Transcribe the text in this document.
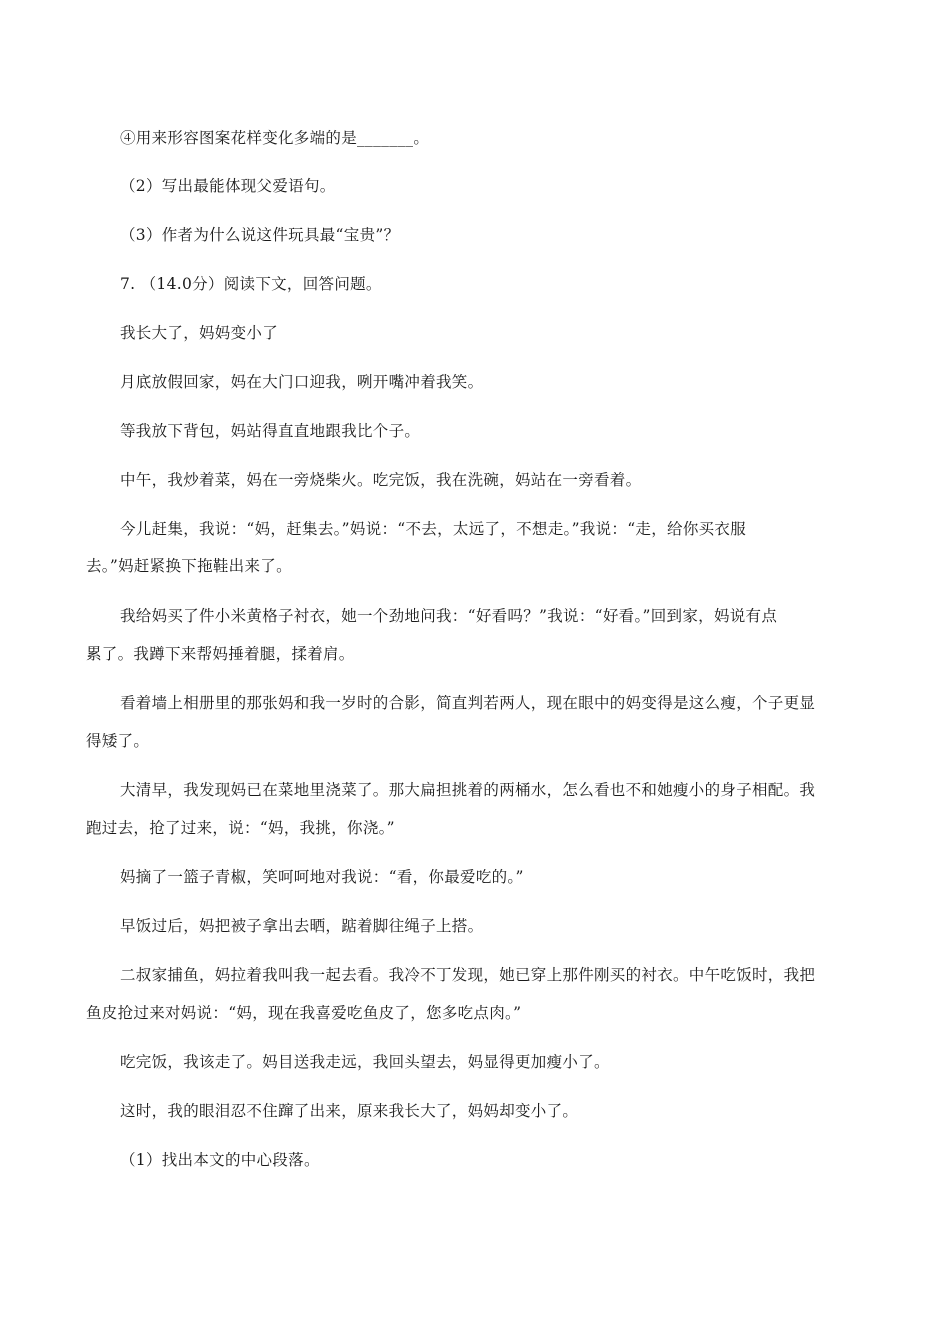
④用来形容图案花样变化多端的是_______。
（2）写出最能体现父爱语句。
（3）作者为什么说这件玩具最“宝贵”？
7. （14.0分）阅读下文，回答问题。
我长大了，妈妈变小了
月底放假回家，妈在大门口迎我，咧开嘴冲着我笑。
等我放下背包，妈站得直直地跟我比个子。
中午，我炒着菜，妈在一旁烧柴火。吃完饭，我在洗碗，妈站在一旁看着。
今儿赶集，我说：“妈，赶集去。”妈说：“不去，太远了，不想走。”我说：“走，给你买衣服
去。”妈赶紧换下拖鞋出来了。
我给妈买了件小米黄格子衬衣，她一个劲地问我：“好看吗？”我说：“好看。”回到家，妈说有点
累了。我蹲下来帮妈捶着腿，揉着肩。
看着墙上相册里的那张妈和我一岁时的合影，简直判若两人，现在眼中的妈变得是这么瘦，个子更显
得矮了。
大清早，我发现妈已在菜地里浇菜了。那大扁担挑着的两桶水，怎么看也不和她瘦小的身子相配。我
跑过去，抢了过来，说：“妈，我挑，你浇。”
妈摘了一篮子青椒，笑呵呵地对我说：“看，你最爱吃的。”
早饭过后，妈把被子拿出去晒，踮着脚往绳子上搭。
二叔家捕鱼，妈拉着我叫我一起去看。我冷不丁发现，她已穿上那件刚买的衬衣。中午吃饭时，我把
鱼皮抢过来对妈说：“妈，现在我喜爱吃鱼皮了，您多吃点肉。”
吃完饭，我该走了。妈目送我走远，我回头望去，妈显得更加瘦小了。
这时，我的眼泪忍不住蹿了出来，原来我长大了，妈妈却变小了。
（1）找出本文的中心段落。
